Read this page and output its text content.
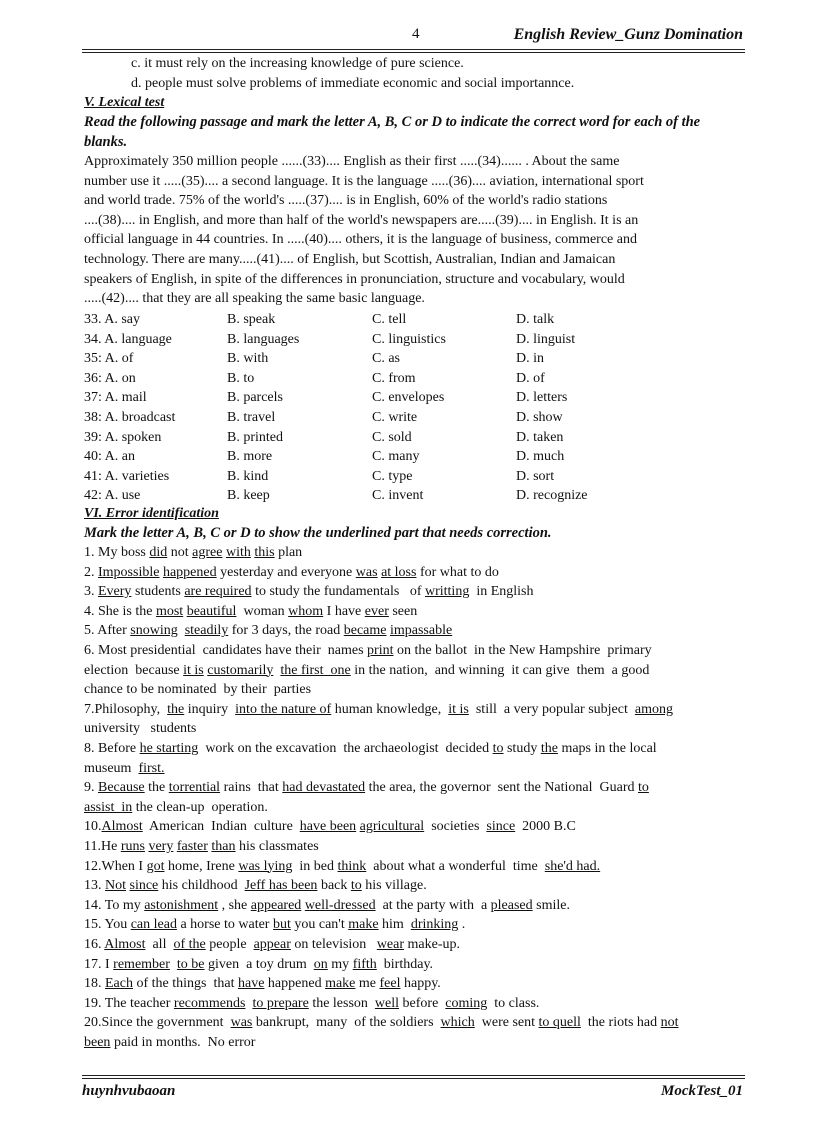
4	English Review_Gunz Domination
c. it must rely on the increasing knowledge of pure science.
d. people must solve problems of immediate economic and social importannce.
V. Lexical test
Read the following passage and mark the letter A, B, C or D to indicate the correct word for each of the blanks.
Approximately 350 million people ......(33).... English as their first .....(34)...... . About the same
number use it .....(35).... a second language. It is the language .....(36).... aviation, international sport
and world trade. 75% of the world's .....(37).... is in English, 60% of the world's radio stations
....(38).... in English, and more than half of the world's newspapers are.....(39).... in English. It is an
official language in 44 countries. In .....(40).... others, it is the language of business, commerce and
technology. There are many.....(41).... of English, but Scottish, Australian, Indian and Jamaican
speakers of English, in spite of the differences in pronunciation, structure and vocabulary, would
.....(42).... that they are all speaking the same basic language.
33. A. say	B. speak	C. tell	D. talk
34. A. language	B. languages	C. linguistics	D. linguist
35: A. of	B. with	C. as	D. in
36: A. on	B. to	C. from	D. of
37: A. mail	B. parcels	C. envelopes	D. letters
38: A. broadcast	B. travel	C. write	D. show
39: A. spoken	B. printed	C. sold	D. taken
40: A. an	B. more	C. many	D. much
41: A. varieties	B. kind	C. type	D. sort
42: A. use	B. keep	C. invent	D. recognize
VI. Error identification
Mark the letter A, B, C or D to show the underlined part that needs correction.
1. My boss did not agree with this plan
2. Impossible happened yesterday and everyone was at loss for what to do
3. Every students are required to study the fundamentals   of writting  in English
4. She is the most beautiful  woman whom I have ever seen
5. After snowing steadily for 3 days, the road became impassable
6. Most presidential  candidates have their  names print on the ballot  in the New Hampshire  primary
election  because it is customarily the first  one in the nation,  and winning  it can give  them  a good
chance to be nominated  by their  parties
7.Philosophy,  the inquiry  into the nature of human knowledge,  it is  still  a very popular subject  among
university   students
8. Before he starting  work on the excavation  the archaeologist  decided to study the maps in the local
museum  first.
9. Because the torrential rains  that had devastated the area, the governor  sent the National  Guard to
assist  in the clean-up  operation.
10.Almost  American  Indian  culture  have been agricultural  societies  since  2000 B.C
11.He runs very faster than his classmates
12.When I got home, Irene was lying  in bed think  about what a wonderful  time  she'd had.
13. Not since his childhood  Jeff has been back to his village.
14. To my astonishment , she appeared well-dressed  at the party with  a pleased smile.
15. You can lead a horse to water but you can't make him  drinking .
16. Almost  all  of the people  appear on television   wear make-up.
17. I remember to be given  a toy drum  on my fifth  birthday.
18. Each of the things  that have happened make me feel happy.
19. The teacher recommends to prepare the lesson  well before  coming  to class.
20.Since the government  was bankrupt,  many  of the soldiers  which  were sent to quell  the riots had not
been paid in months.  No error
huynhvubaoan	MockTest_01
